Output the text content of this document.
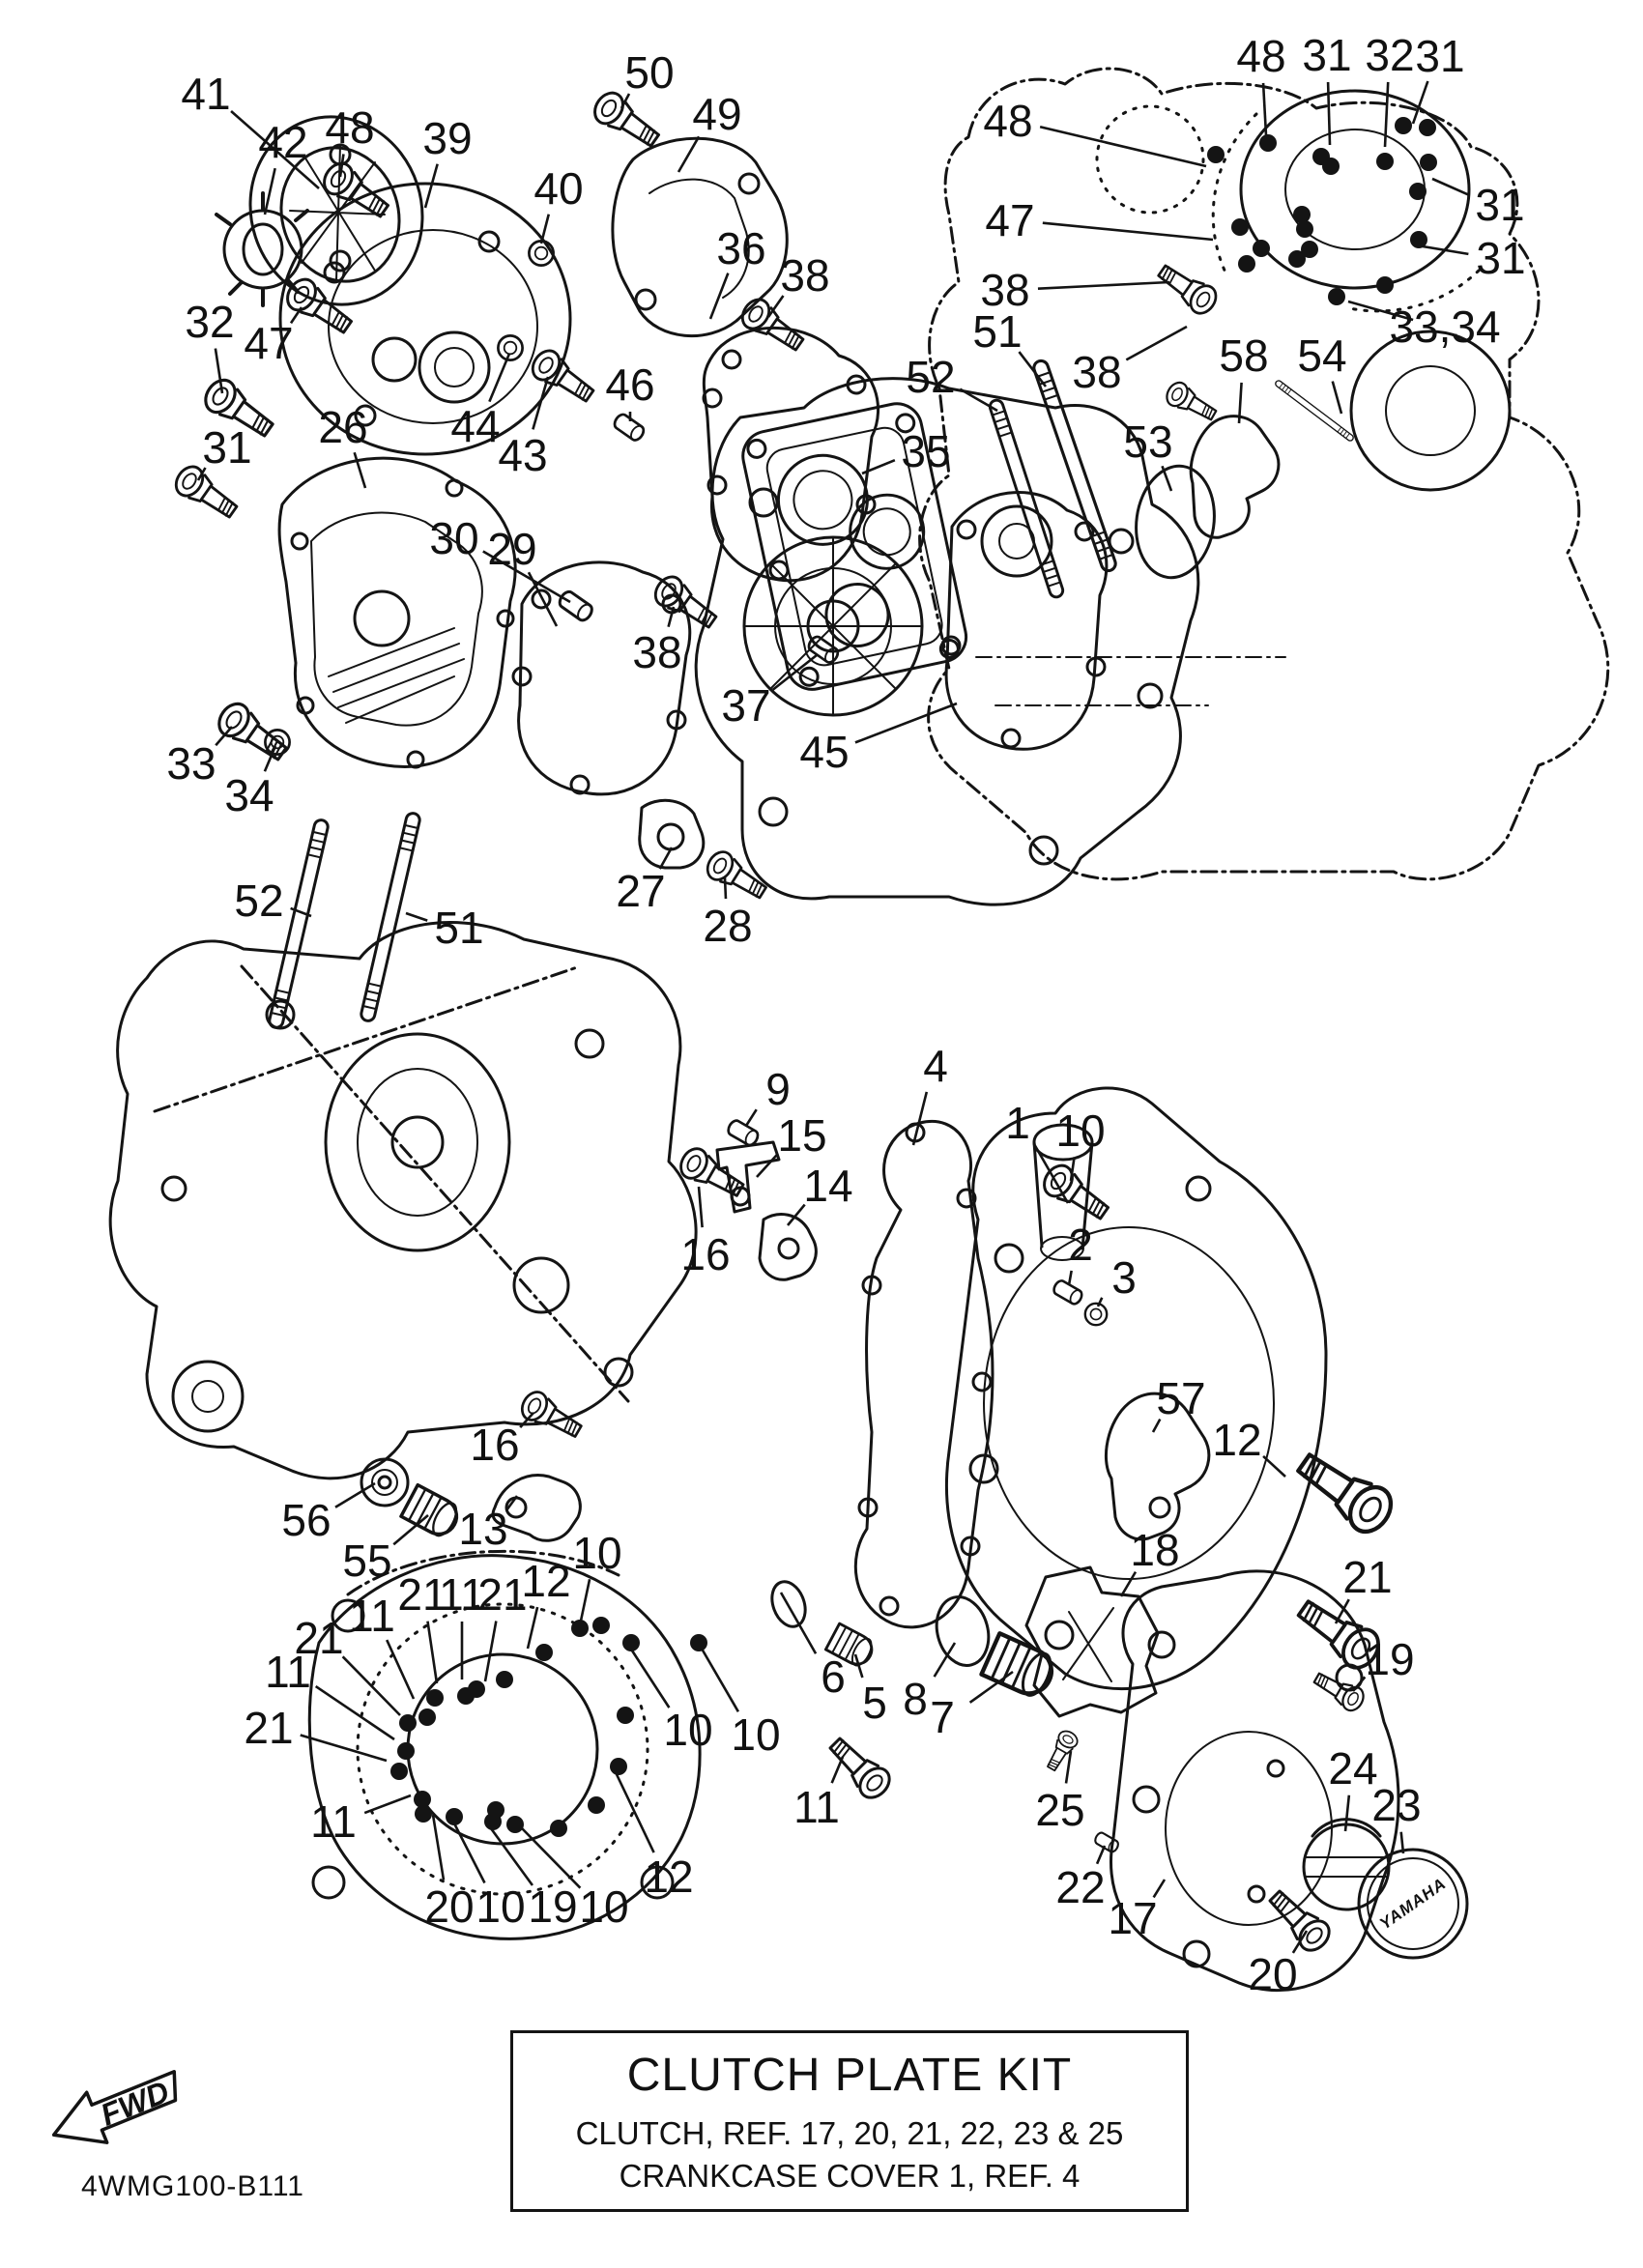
YAMAHA
FWD
41
42 48 39
40
50
49
36
38
32 47
31 26 44
43
46
30 29
35
38
37
45
33
34
52
51
27
28
48
47
38
48 31 32 31
31
31
33,34
51
52	38 58 54
53
9
15
14
16
4
1 10
2
3
57
12
18
16
13
56
55
21
11
21
12
10
11
21
11
21
11
20 10 19 10
12
10 10
6
5 8 7
11	25
22
17
20
21
19
24
23
CLUTCH PLATE KIT
CLUTCH, REF. 17, 20, 21, 22, 23 & 25
CRANKCASE COVER 1, REF. 4
4WMG100-B111
